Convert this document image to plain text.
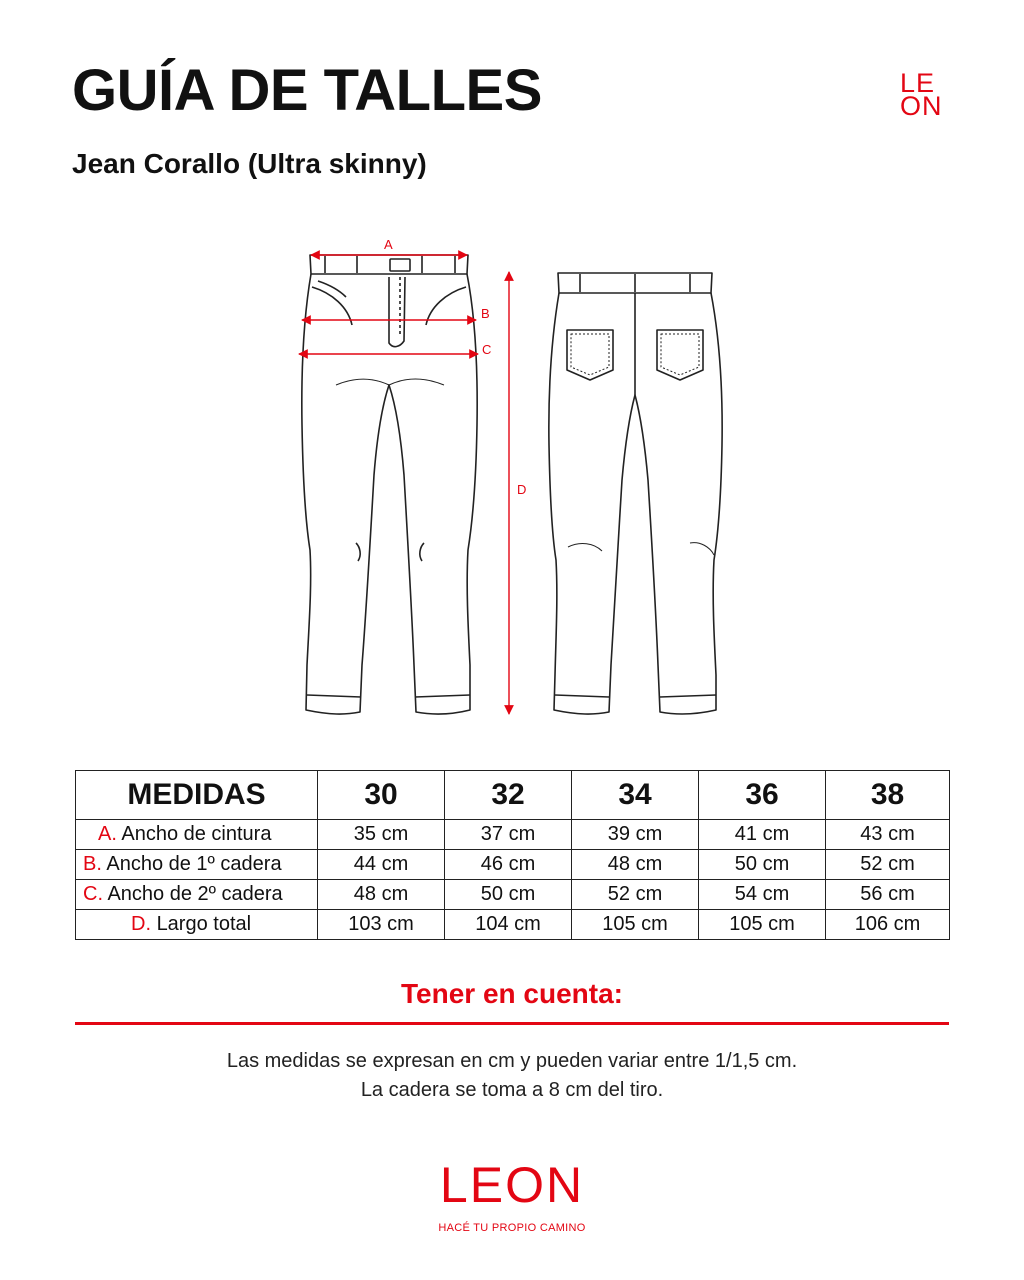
GUÍA DE TALLES
Jean Corallo (Ultra skinny)
LE
ON
A
B
C
D
MEDIDAS	30	32	34	36	38
A. Ancho de cintura	35 cm	37 cm	39 cm	41 cm	43 cm
B. Ancho de 1º cadera	44 cm	46 cm	48 cm	50 cm	52 cm
C. Ancho de 2º cadera	48 cm	50 cm	52 cm	54 cm	56 cm
D. Largo total	103 cm	104 cm	105 cm	105 cm	106 cm
Tener en cuenta:
Las medidas se expresan en cm y pueden variar entre 1/1,5 cm.
La cadera se toma a 8 cm del tiro.
LEON
HACÉ TU PROPIO CAMINO
